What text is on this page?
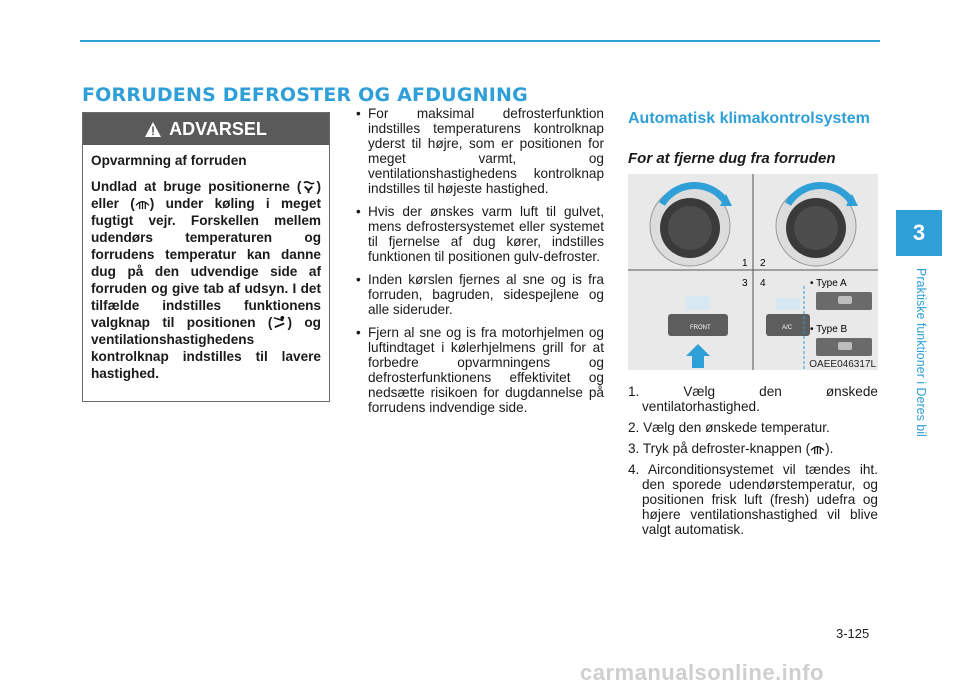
FORRUDENS DEFROSTER OG AFDUGNING
ADVARSEL

Opvarmning af forruden

Undlad at bruge positionerne ( ) eller ( ) under køling i meget fugtigt vejr. Forskellen mellem udendørs temperaturen og forrudens temperatur kan danne dug på den udvendige side af forruden og give tab af udsyn. I det tilfælde indstilles funktionens valgknap til positionen ( ) og ventilationshastighedens kontrolknap indstilles til lavere hastighed.

• For maksimal defrosterfunktion indstilles temperaturens kontrolknap yderst til højre, som er positionen for meget varmt, og ventilationshastighedens kontrolknap indstilles til højeste hastighed.
• Hvis der ønskes varm luft til gulvet, mens defrostersystemet eller systemet til fjernelse af dug kører, indstilles funktionen til positionen gulv-defroster.
• Inden kørslen fjernes al sne og is fra forruden, bagruden, sidespejlene og alle sideruder.
• Fjern al sne og is fra motorhjelmen og luftindtaget i kølerhjelmens grill for at forbedre opvarmningens og defrosterfunktionens effektivitet og nedsætte risikoen for dugdannelse på forrudens indvendige side.
Automatisk klimakontrolsystem
For at fjerne dug fra forruden
1 2
3 4	• Type A
• Type B
FRONT	A/C
OAEE046317L
1. Vælg den ønskede ventilatorhastighed.
2. Vælg den ønskede temperatur.
3. Tryk på defroster-knappen ( ).
4. Airconditionsystemet vil tændes iht. den sporede udendørstemperatur, og positionen frisk luft (fresh) udefra og højere ventilationshastighed vil blive valgt automatisk.
3
Praktiske funktioner i Deres bil
3-125
carmanualsonline.info
